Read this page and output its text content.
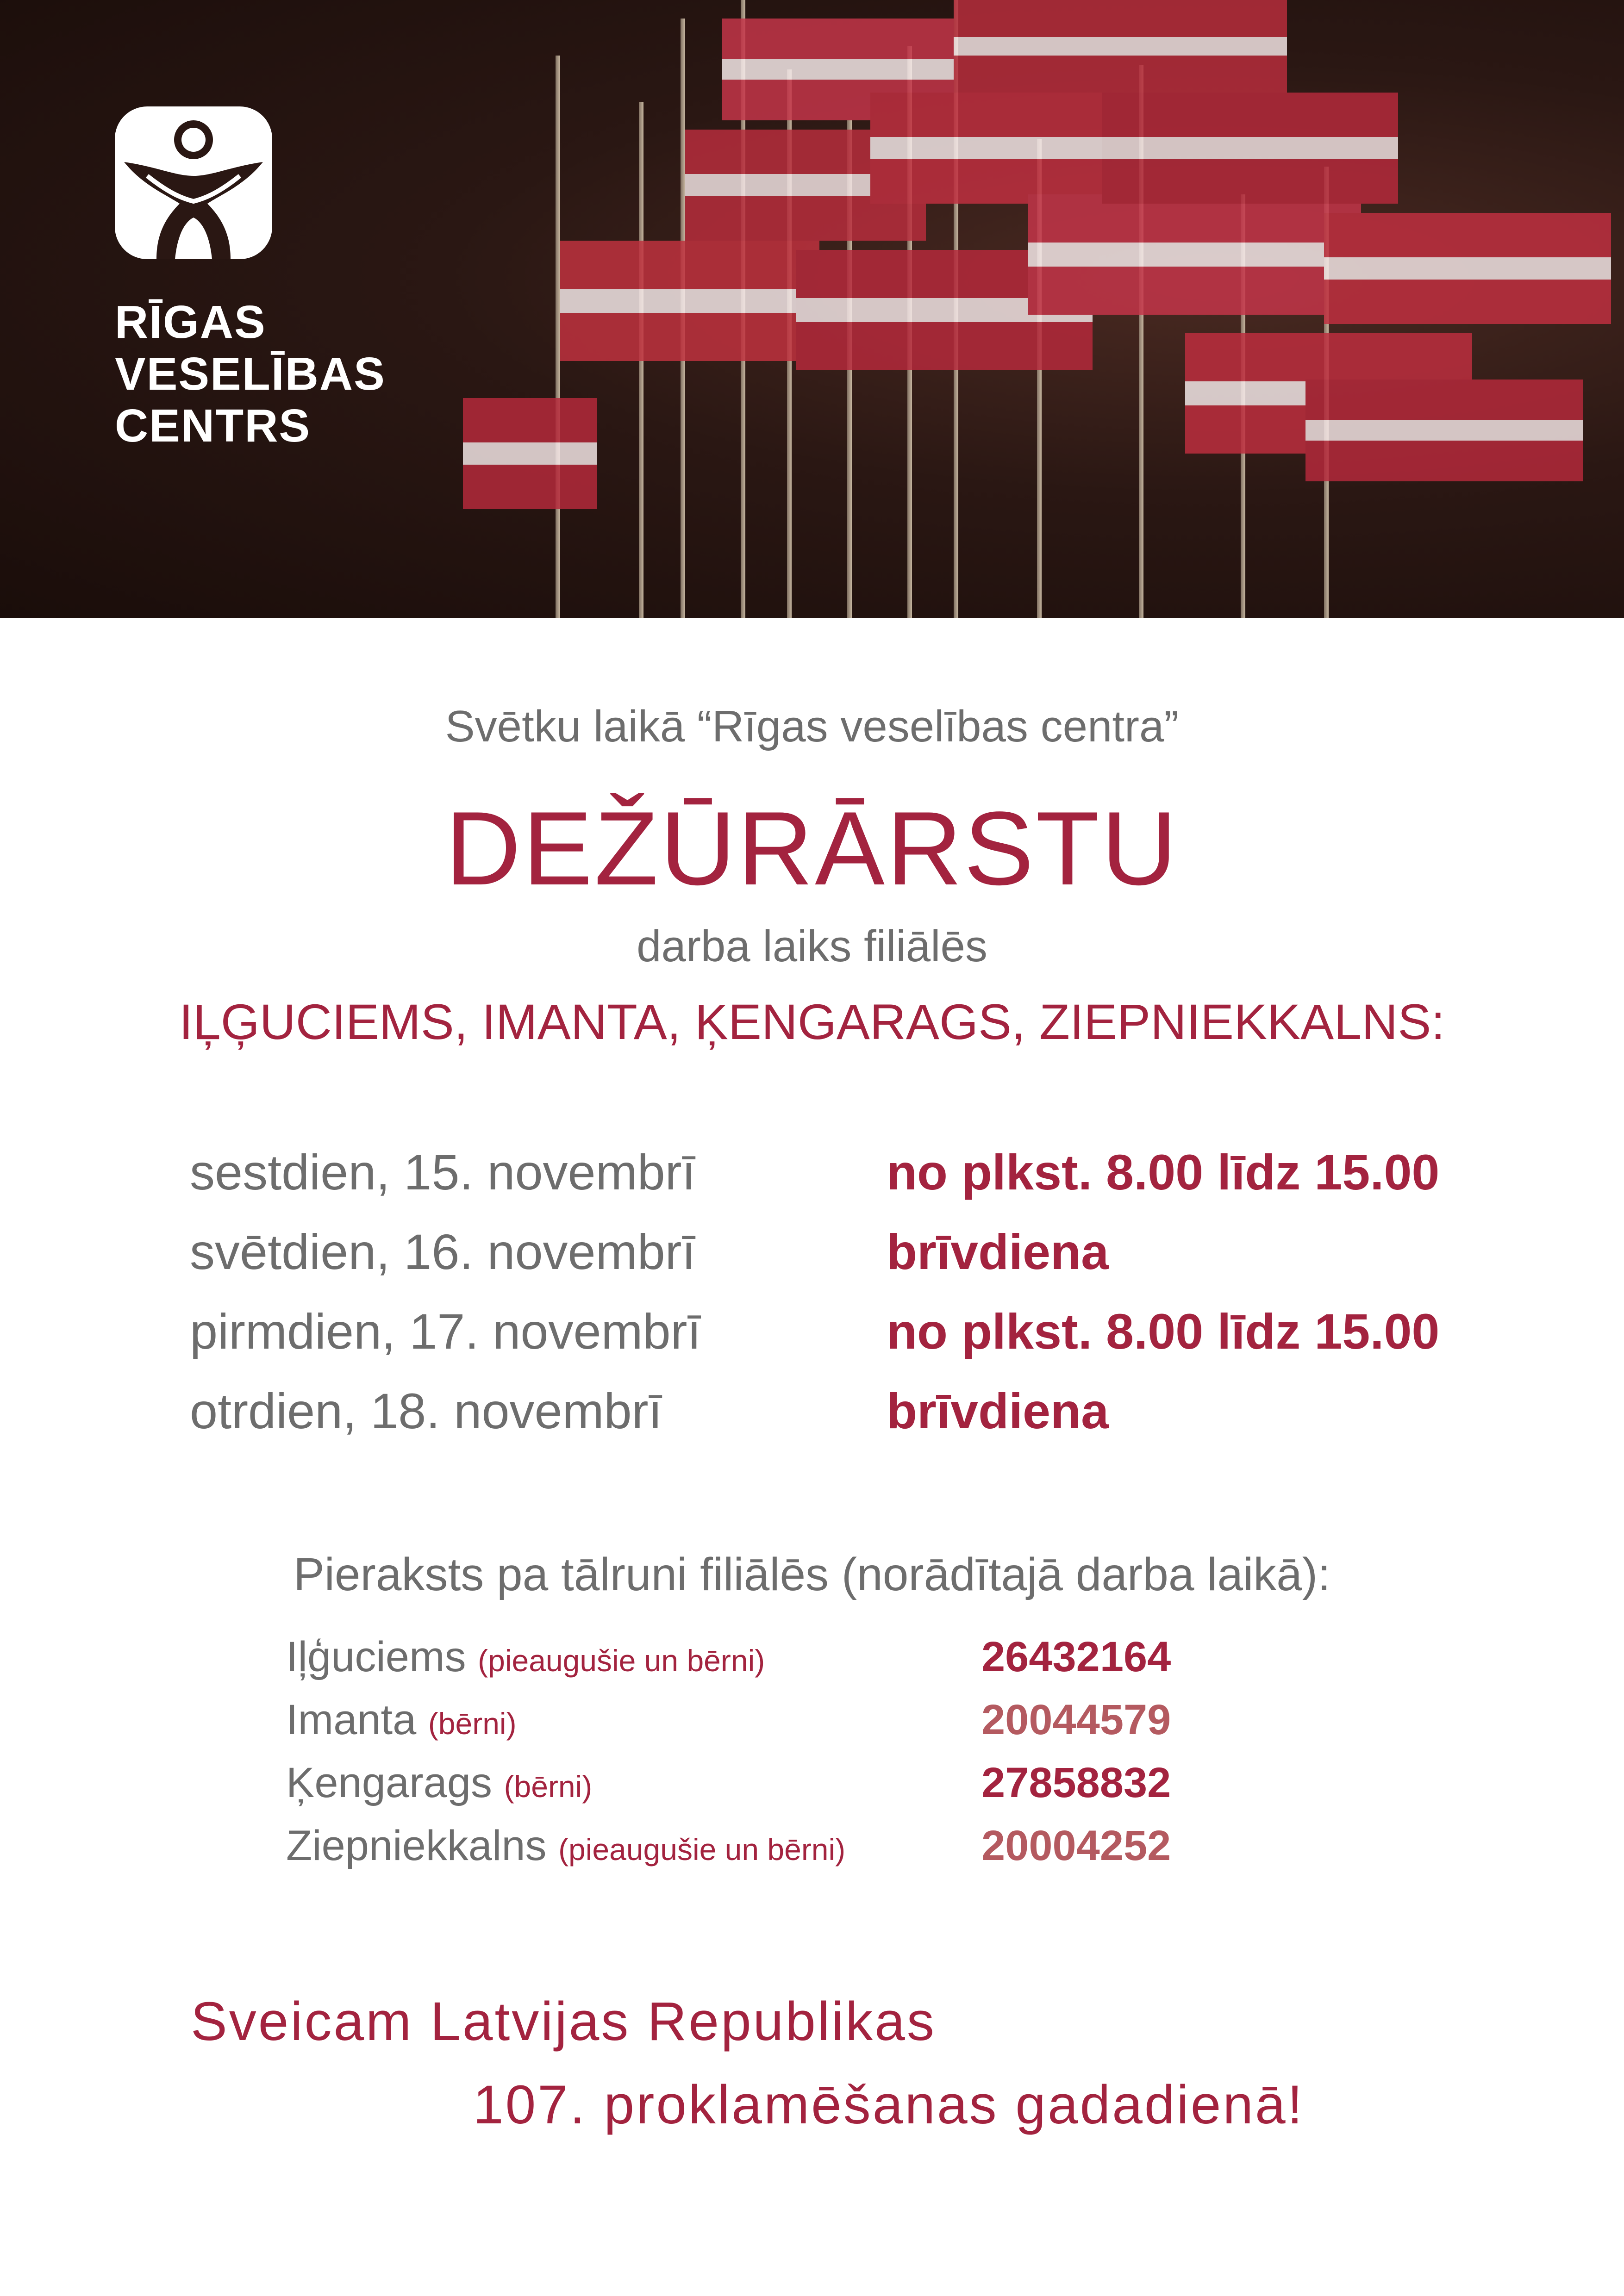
RĪGAS
VESELĪBAS
CENTRS
Svētku laikā “Rīgas veselības centra”
DEŽŪRĀRSTU
darba laiks filiālēs
IĻĢUCIEMS, IMANTA, ĶENGARAGS, ZIEPNIEKKALNS:
sestdien, 15. novembrī	no plkst. 8.00 līdz 15.00
svētdien, 16. novembrī	brīvdiena
pirmdien, 17. novembrī	no plkst. 8.00 līdz 15.00
otrdien, 18. novembrī	brīvdiena
Pieraksts pa tālruni filiālēs (norādītajā darba laikā):
Iļģuciems (pieaugušie un bērni)	26432164
Imanta (bērni)	20044579
Ķengarags (bērni)	27858832
Ziepniekkalns (pieaugušie un bērni)	20004252
Sveicam Latvijas Republikas
107. proklamēšanas gadadienā!
